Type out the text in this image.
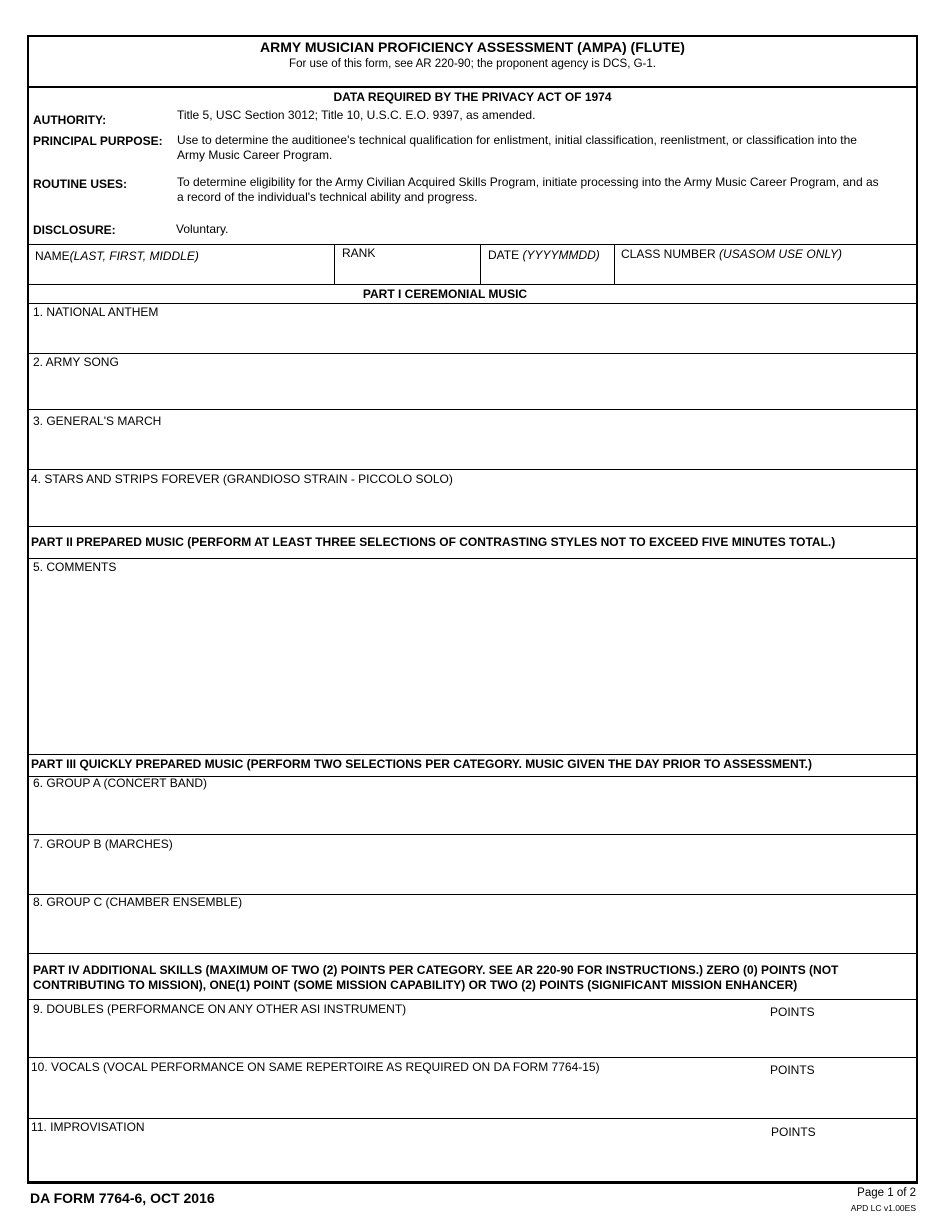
ARMY MUSICIAN PROFICIENCY ASSESSMENT (AMPA) (FLUTE)
For use of this form, see AR 220-90; the proponent agency is DCS, G-1.
DATA REQUIRED BY THE PRIVACY ACT OF 1974
AUTHORITY:	Title 5, USC Section 3012; Title 10, U.S.C. E.O. 9397, as amended.
PRINCIPAL PURPOSE: Use to determine the auditionee's technical qualification for enlistment, initial classification, reenlistment, or classification into the
Army Music Career Program.
ROUTINE USES:	To determine eligibility for the Army Civilian Acquired Skills Program, initiate processing into the Army Music Career Program, and as
a record of the individual's technical ability and progress.
DISCLOSURE:	Voluntary.
NAME(LAST, FIRST, MIDDLE)	RANK	DATE (YYYYMMDD) CLASS NUMBER (USASOM USE ONLY)
PART I CEREMONIAL MUSIC
1. NATIONAL ANTHEM
2. ARMY SONG
3. GENERAL'S MARCH
4. STARS AND STRIPS FOREVER (GRANDIOSO STRAIN - PICCOLO SOLO)
PART II PREPARED MUSIC (PERFORM AT LEAST THREE SELECTIONS OF CONTRASTING STYLES NOT TO EXCEED FIVE MINUTES TOTAL.)
5. COMMENTS
PART III QUICKLY PREPARED MUSIC (PERFORM TWO SELECTIONS PER CATEGORY. MUSIC GIVEN THE DAY PRIOR TO ASSESSMENT.)
6. GROUP A (CONCERT BAND)
7. GROUP B (MARCHES)
8. GROUP C (CHAMBER ENSEMBLE)
PART IV ADDITIONAL SKILLS (MAXIMUM OF TWO (2) POINTS PER CATEGORY. SEE AR 220-90 FOR INSTRUCTIONS.) ZERO (0) POINTS (NOT
CONTRIBUTING TO MISSION), ONE(1) POINT (SOME MISSION CAPABILITY) OR TWO (2) POINTS (SIGNIFICANT MISSION ENHANCER)
9. DOUBLES (PERFORMANCE ON ANY OTHER ASI INSTRUMENT)	POINTS
10. VOCALS (VOCAL PERFORMANCE ON SAME REPERTOIRE AS REQUIRED ON DA FORM 7764-15)	POINTS
11. IMPROVISATION	POINTS
DA FORM 7764-6, OCT 2016	Page 1 of 2
APD LC v1.00ES
